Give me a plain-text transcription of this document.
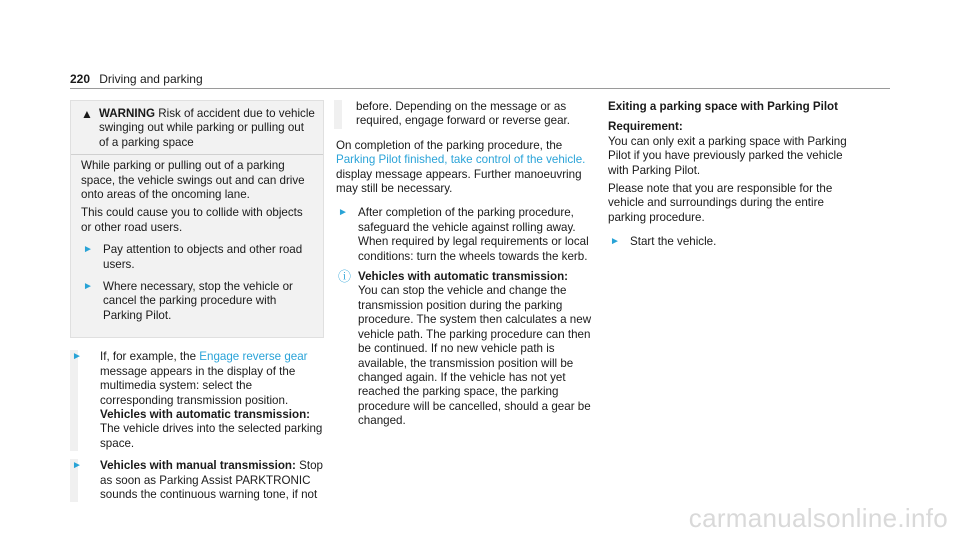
220 Driving and parking
▲ WARNING Risk of accident due to vehicle swinging out while parking or pulling out of a parking space

While parking or pulling out of a parking space, the vehicle swings out and can drive onto areas of the oncoming lane.

This could cause you to collide with objects or other road users.

► Pay attention to objects and other road users.
► Where necessary, stop the vehicle or cancel the parking procedure with Parking Pilot.
►	If, for example, the Engage reverse gear message appears in the display of the multimedia system: select the corresponding transmission position.
Vehicles with automatic transmission:
The vehicle drives into the selected parking space.
►	Vehicles with manual transmission: Stop as soon as Parking Assist PARKTRONIC sounds the continuous warning tone, if not
before. Depending on the message or as required, engage forward or reverse gear.

On completion of the parking procedure, the Parking Pilot finished, take control of the vehicle. display message appears. Further manoeuvring may still be necessary.

► After completion of the parking procedure, safeguard the vehicle against rolling away. When required by legal requirements or local conditions: turn the wheels towards the kerb.
ⓘ Vehicles with automatic transmission:
You can stop the vehicle and change the transmission position during the parking procedure. The system then calculates a new vehicle path. The parking procedure can then be continued. If no new vehicle path is available, the transmission position will be changed again. If the vehicle has not yet reached the parking space, the parking procedure will be cancelled, should a gear be changed.
Exiting a parking space with Parking Pilot
Requirement:

You can only exit a parking space with Parking Pilot if you have previously parked the vehicle with Parking Pilot.

Please note that you are responsible for the vehicle and surroundings during the entire parking procedure.

► Start the vehicle.
carmanualsonline.info
